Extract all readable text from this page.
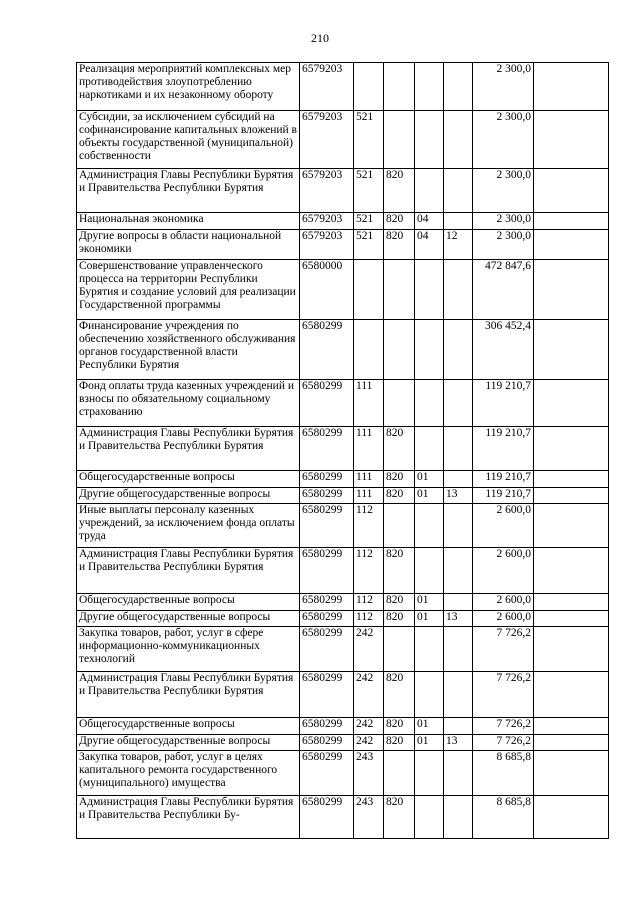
210
Реализация мероприятий комплексных мер противодействия злоупотреблению наркотиками и их незаконному обороту	6579203					2 300,0	
Субсидии, за исключением субсидий на софинансирование капитальных вложений в объекты государственной (муниципальной) собственности	6579203	521				2 300,0	
Администрация Главы Республики Бурятия и Правительства Республики Бурятия	6579203	521	820			2 300,0	
Национальная экономика	6579203	521	820	04		2 300,0	
Другие вопросы в области национальной экономики	6579203	521	820	04	12	2 300,0	
Совершенствование управленческого процесса на территории Республики Бурятия и создание условий для реализации Государственной программы	6580000					472 847,6	
Финансирование учреждения по обеспечению хозяйственного обслуживания органов государственной власти Республики Бурятия	6580299					306 452,4	
Фонд оплаты труда казенных учреждений и взносы по обязательному социальному страхованию	6580299	111				119 210,7	
Администрация Главы Республики Бурятия и Правительства Республики Бурятия	6580299	111	820			119 210,7	
Общегосударственные вопросы	6580299	111	820	01		119 210,7	
Другие общегосударственные вопросы	6580299	111	820	01	13	119 210,7	
Иные выплаты персоналу казенных учреждений, за исключением фонда оплаты труда	6580299	112				2 600,0	
Администрация Главы Республики Бурятия и Правительства Республики Бурятия	6580299	112	820			2 600,0	
Общегосударственные вопросы	6580299	112	820	01		2 600,0	
Другие общегосударственные вопросы	6580299	112	820	01	13	2 600,0	
Закупка товаров, работ, услуг в сфере информационно-коммуникационных технологий	6580299	242				7 726,2	
Администрация Главы Республики Бурятия и Правительства Республики Бурятия	6580299	242	820			7 726,2	
Общегосударственные вопросы	6580299	242	820	01		7 726,2	
Другие общегосударственные вопросы	6580299	242	820	01	13	7 726,2	
Закупка товаров, работ, услуг в целях капитального ремонта государственного (муниципального) имущества	6580299	243				8 685,8	
Администрация Главы Республики Бурятия и Правительства Республики Бу-	6580299	243	820			8 685,8	
